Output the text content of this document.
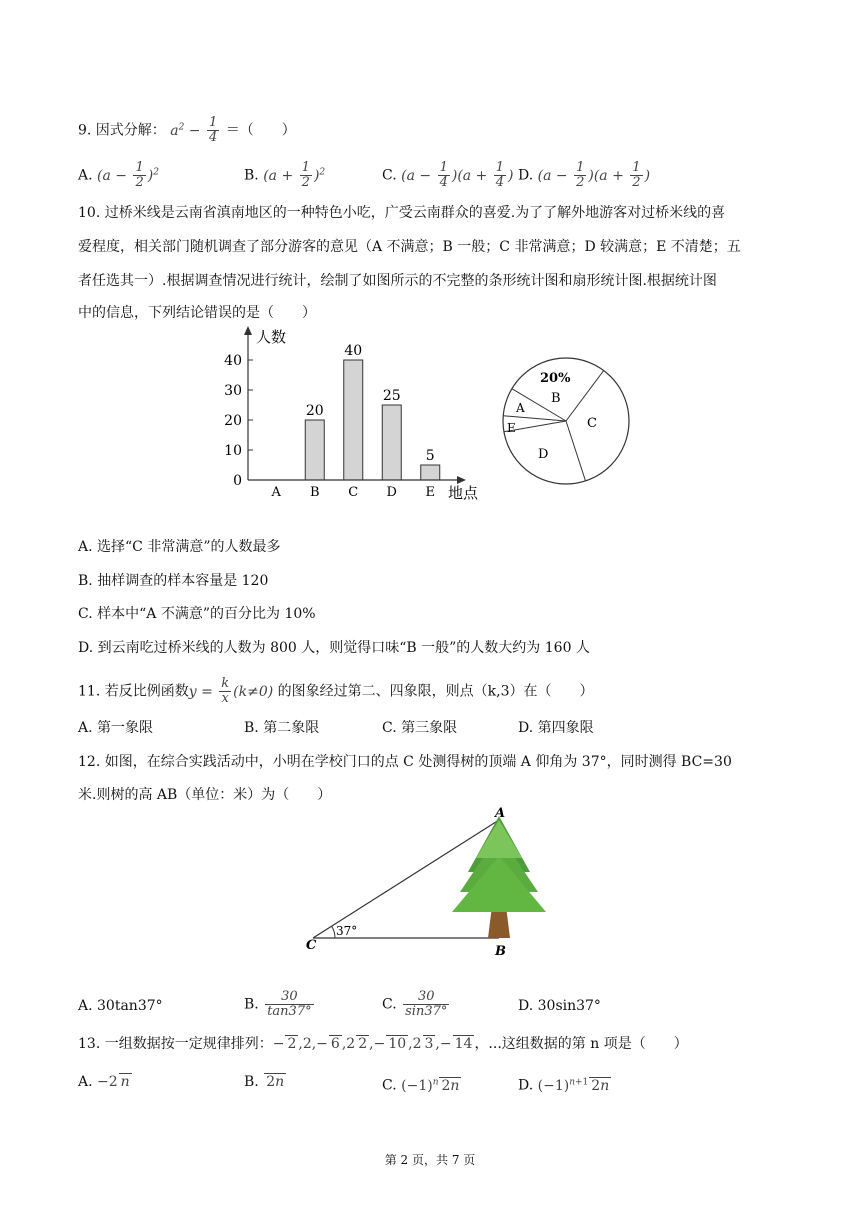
9. 因式分解： $a^2 - \frac{1}{4}$ ＝（　　）
A. $(a - \frac{1}{2} )^2$	B. $(a + \frac{1}{2} )^2$	C. $(a - \frac{1}{4} )(a + \frac{1}{4}$ ) D. $(a - \frac{1}{2} )(a + \frac{1}{2}$ )
10. 过桥米线是云南省滇南地区的一种特色小吃，广受云南群众的喜爱.为了了解外地游客对过桥米线的喜
爱程度，相关部门随机调查了部分游客的意见（A 不满意；B 一般；C 非常满意；D 较满意；E 不清楚；五
者任选其一）.根据调查情况进行统计，绘制了如图所示的不完整的条形统计图和扇形统计图.根据统计图
中的信息，下列结论错误的是（　　）
0
10
20
30
40
A
20
B
40
C
25
D
5
E
人数
地点
20%
B
C
D
E
A
A. 选择“C 非常满意”的人数最多
B. 抽样调查的样本容量是 120
C. 样本中“A 不满意”的百分比为 10%
D. 到云南吃过桥米线的人数为 800 人，则觉得口味“B 一般”的人数大约为 160 人
11. 若反比例函数$y = \frac{k}{x} (k\ne 0)$ 的图象经过第二、四象限，则点（k,3）在（　　）
A. 第一象限	B. 第二象限	C. 第三象限	D. 第四象限
12. 如图，在综合实践活动中，小明在学校门口的点 C 处测得树的顶端 A 仰角为 37°，同时测得 BC=30
米.则树的高 AB（单位：米）为（　　）
A
B
C
37°
A. 30tan37°	B. $\frac{30}{\tan 37^\circ}$	C. $\frac{30}{\sin 37^\circ}$	D. 30sin37°
13. 一组数据按一定规律排列：− 2 ,2,− 6 ,2 2 ,− 10 ,2 3 ,− 14 ，...这组数据的第 n 项是（　　）
A. −2 n	B. 2n	C. $(-1)^n$ 2n	D. $(-1)^{n+1}$ 2n
第 2 页，共 7 页
